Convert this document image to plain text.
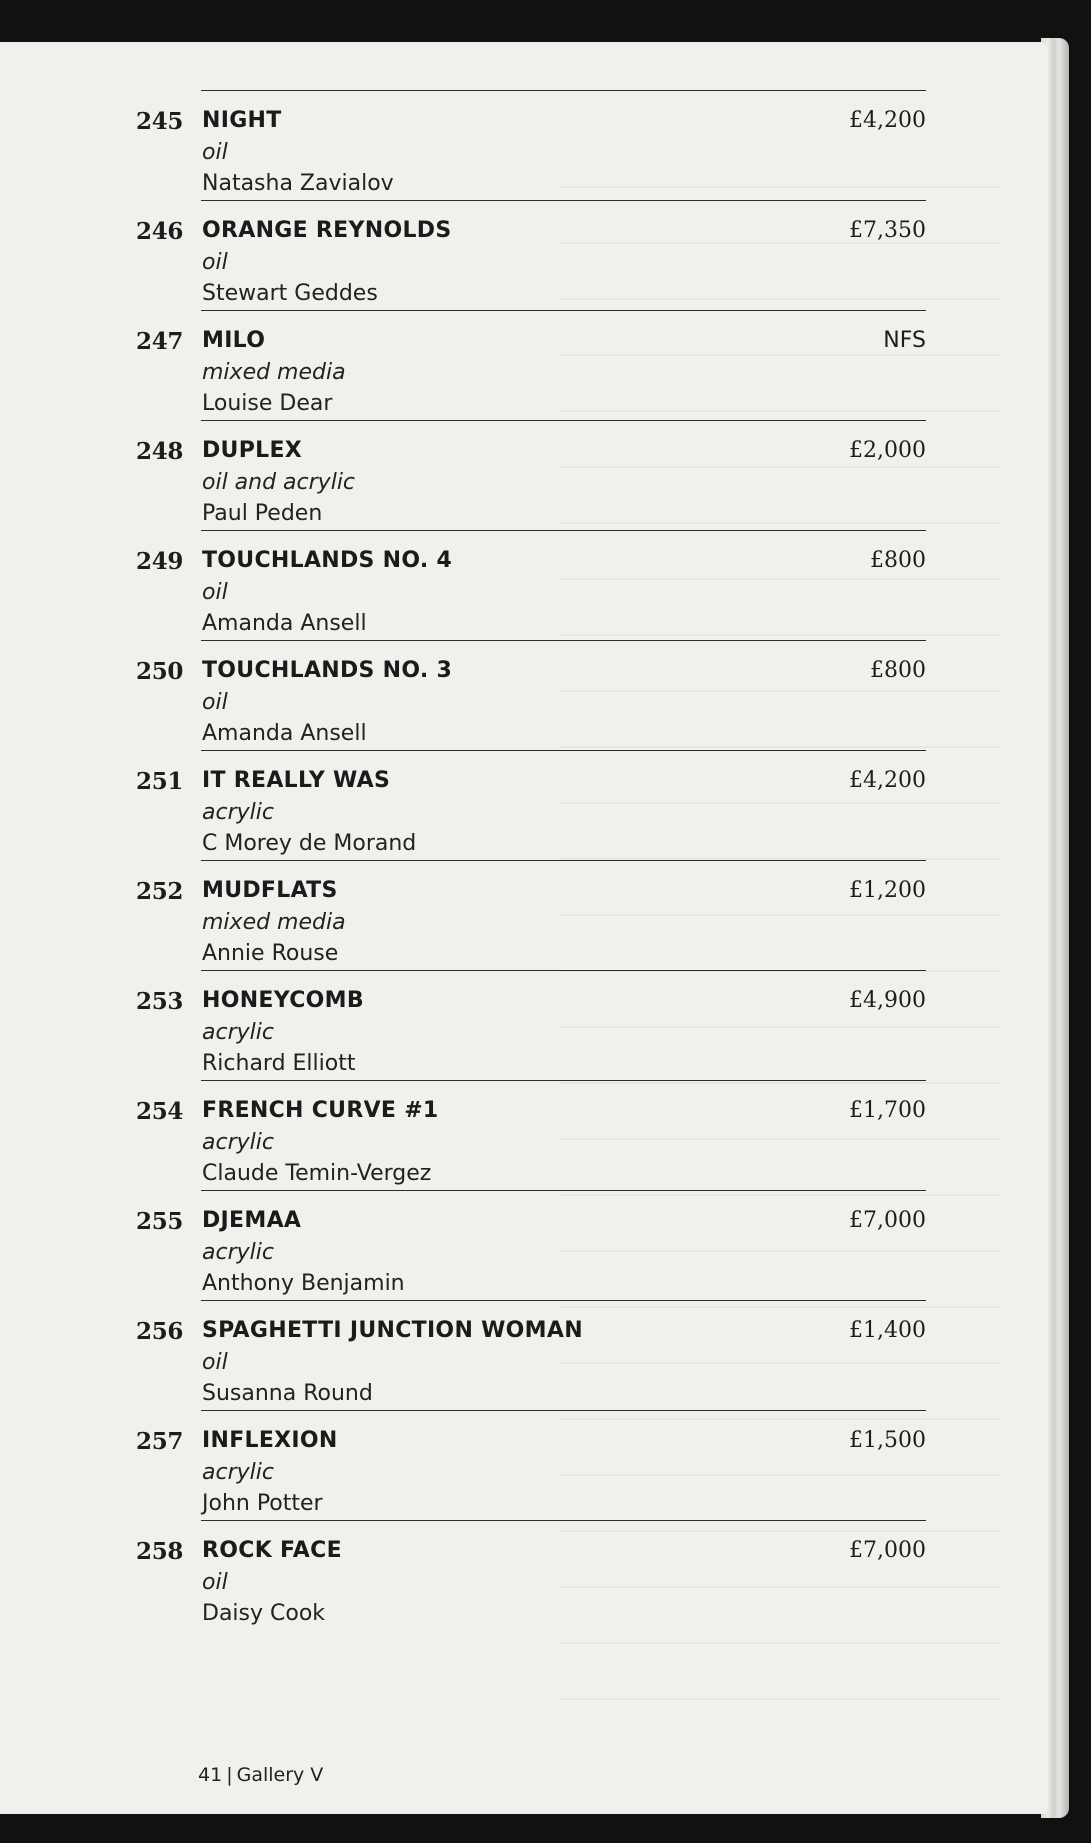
245 NIGHT
oil
Natasha Zavialov
£4,200
246 ORANGE REYNOLDS
oil
Stewart Geddes
£7,350
247 MILO
mixed media
Louise Dear
NFS
248 DUPLEX
oil and acrylic
Paul Peden
£2,000
249 TOUCHLANDS NO. 4
oil
Amanda Ansell
£800
250 TOUCHLANDS NO. 3
oil
Amanda Ansell
£800
251 IT REALLY WAS
acrylic
C Morey de Morand
£4,200
252 MUDFLATS
mixed media
Annie Rouse
£1,200
253 HONEYCOMB
acrylic
Richard Elliott
£4,900
254 FRENCH CURVE #1
acrylic
Claude Temin-Vergez
£1,700
255 DJEMAA
acrylic
Anthony Benjamin
£7,000
256 SPAGHETTI JUNCTION WOMAN
oil
Susanna Round
£1,400
257 INFLEXION
acrylic
John Potter
£1,500
258 ROCK FACE
oil
Daisy Cook
£7,000
41 | Gallery V
